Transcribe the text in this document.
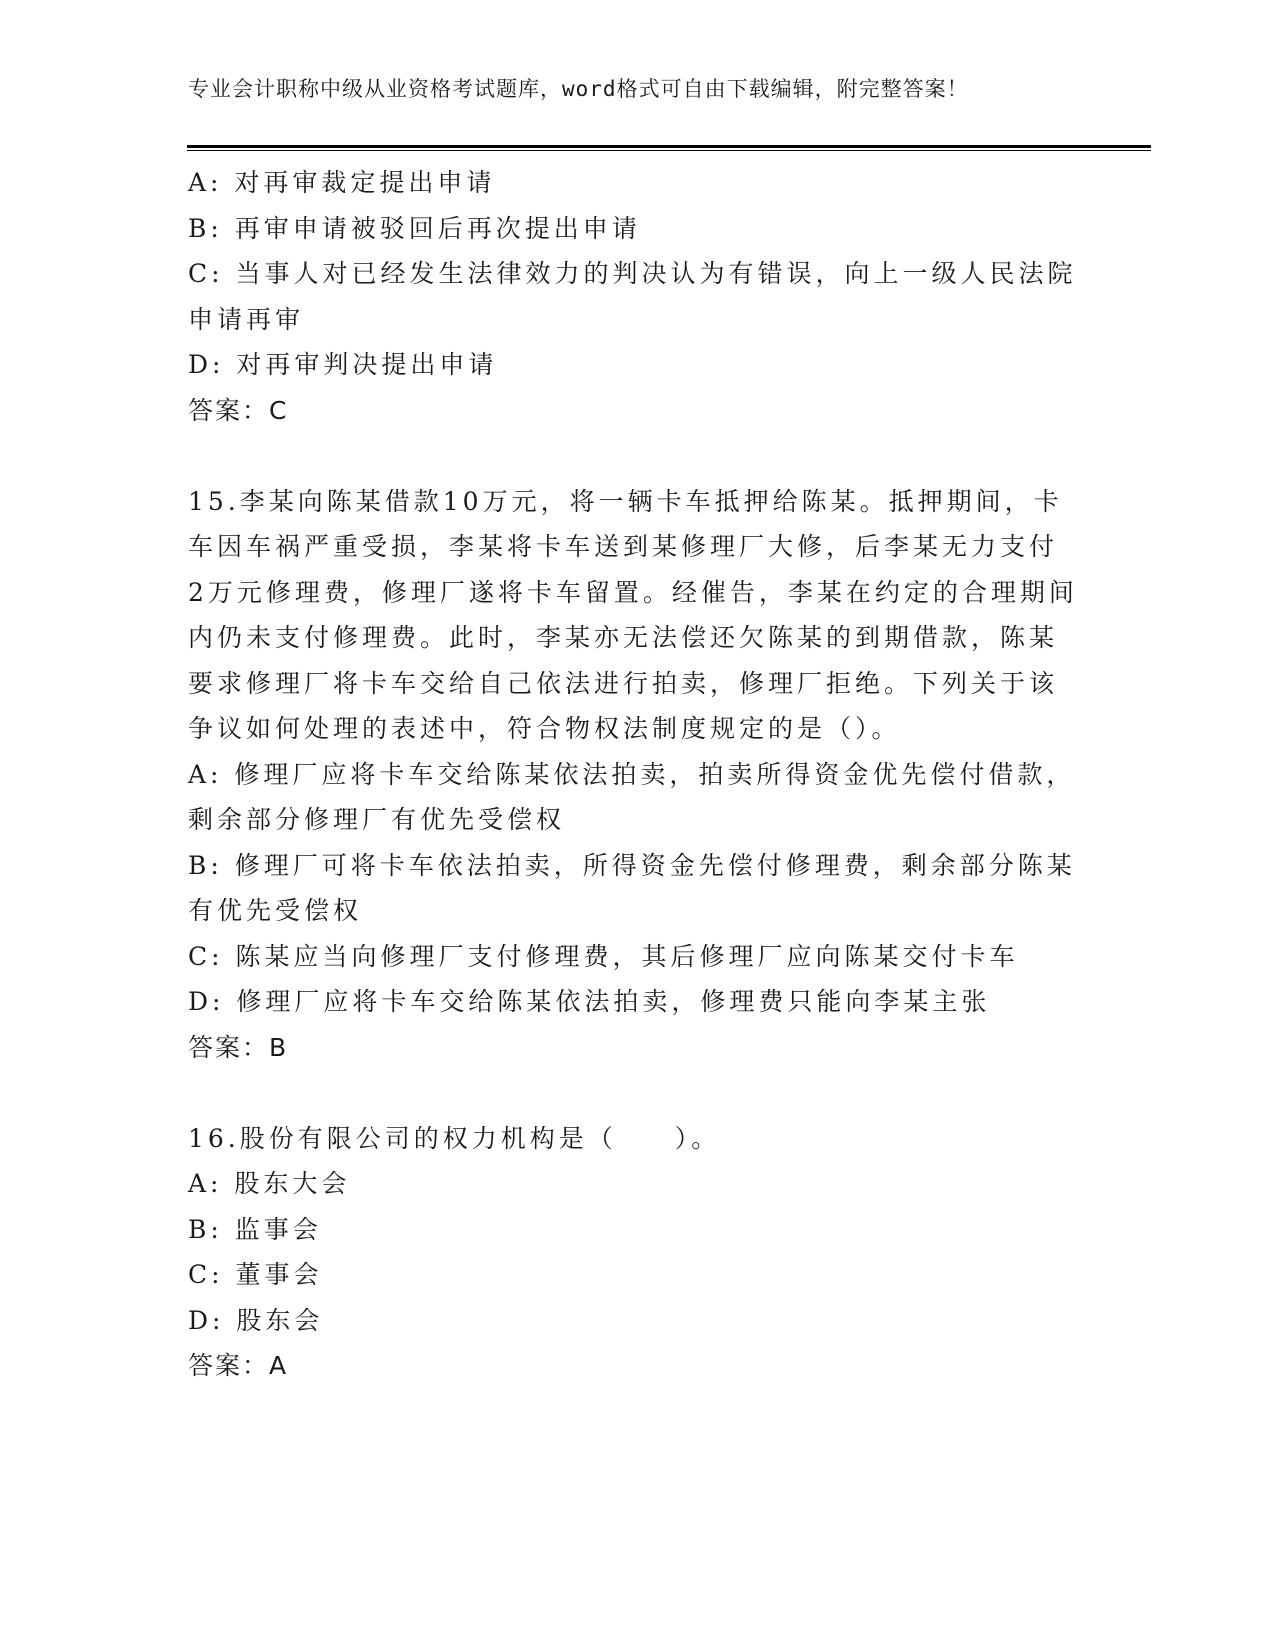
专业会计职称中级从业资格考试题库，word格式可自由下载编辑，附完整答案！

A: 对再审裁定提出申请

B: 再审申请被驳回后再次提出申请

C: 当事人对已经发生法律效力的判决认为有错误，向上一级人民法院

申请再审

D: 对再审判决提出申请

答案：C

15.李某向陈某借款10万元，将一辆卡车抵押给陈某。抵押期间，卡

车因车祸严重受损，李某将卡车送到某修理厂大修，后李某无力支付

2万元修理费，修理厂遂将卡车留置。经催告，李某在约定的合理期间

内仍未支付修理费。此时，李某亦无法偿还欠陈某的到期借款，陈某

要求修理厂将卡车交给自己依法进行拍卖，修理厂拒绝。下列关于该

争议如何处理的表述中，符合物权法制度规定的是（）。

A: 修理厂应将卡车交给陈某依法拍卖，拍卖所得资金优先偿付借款，

剩余部分修理厂有优先受偿权

B: 修理厂可将卡车依法拍卖，所得资金先偿付修理费，剩余部分陈某

有优先受偿权

C: 陈某应当向修理厂支付修理费，其后修理厂应向陈某交付卡车

D: 修理厂应将卡车交给陈某依法拍卖，修理费只能向李某主张

答案：B

16.股份有限公司的权力机构是（　　）。

A: 股东大会

B: 监事会

C: 董事会

D: 股东会

答案：A
